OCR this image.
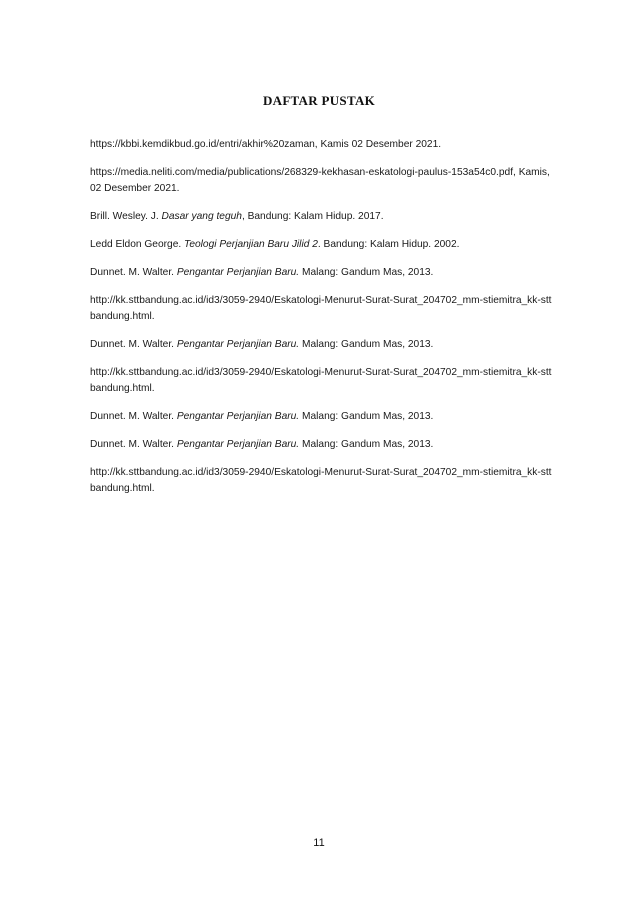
DAFTAR PUSTAK
https://kbbi.kemdikbud.go.id/entri/akhir%20zaman, Kamis 02 Desember 2021.
https://media.neliti.com/media/publications/268329-kekhasan-eskatologi-paulus-153a54c0.pdf, Kamis, 02 Desember 2021.
Brill. Wesley. J. Dasar yang teguh, Bandung: Kalam Hidup. 2017.
Ledd Eldon George. Teologi Perjanjian Baru Jilid 2. Bandung: Kalam Hidup. 2002.
Dunnet. M. Walter. Pengantar Perjanjian Baru. Malang: Gandum Mas, 2013.
http://kk.sttbandung.ac.id/id3/3059-2940/Eskatologi-Menurut-Surat-Surat_204702_mm-stiemitra_kk-sttbandung.html.
Dunnet. M. Walter. Pengantar Perjanjian Baru. Malang: Gandum Mas, 2013.
http://kk.sttbandung.ac.id/id3/3059-2940/Eskatologi-Menurut-Surat-Surat_204702_mm-stiemitra_kk-sttbandung.html.
Dunnet. M. Walter. Pengantar Perjanjian Baru. Malang: Gandum Mas, 2013.
Dunnet. M. Walter. Pengantar Perjanjian Baru. Malang: Gandum Mas, 2013.
http://kk.sttbandung.ac.id/id3/3059-2940/Eskatologi-Menurut-Surat-Surat_204702_mm-stiemitra_kk-sttbandung.html.
11
